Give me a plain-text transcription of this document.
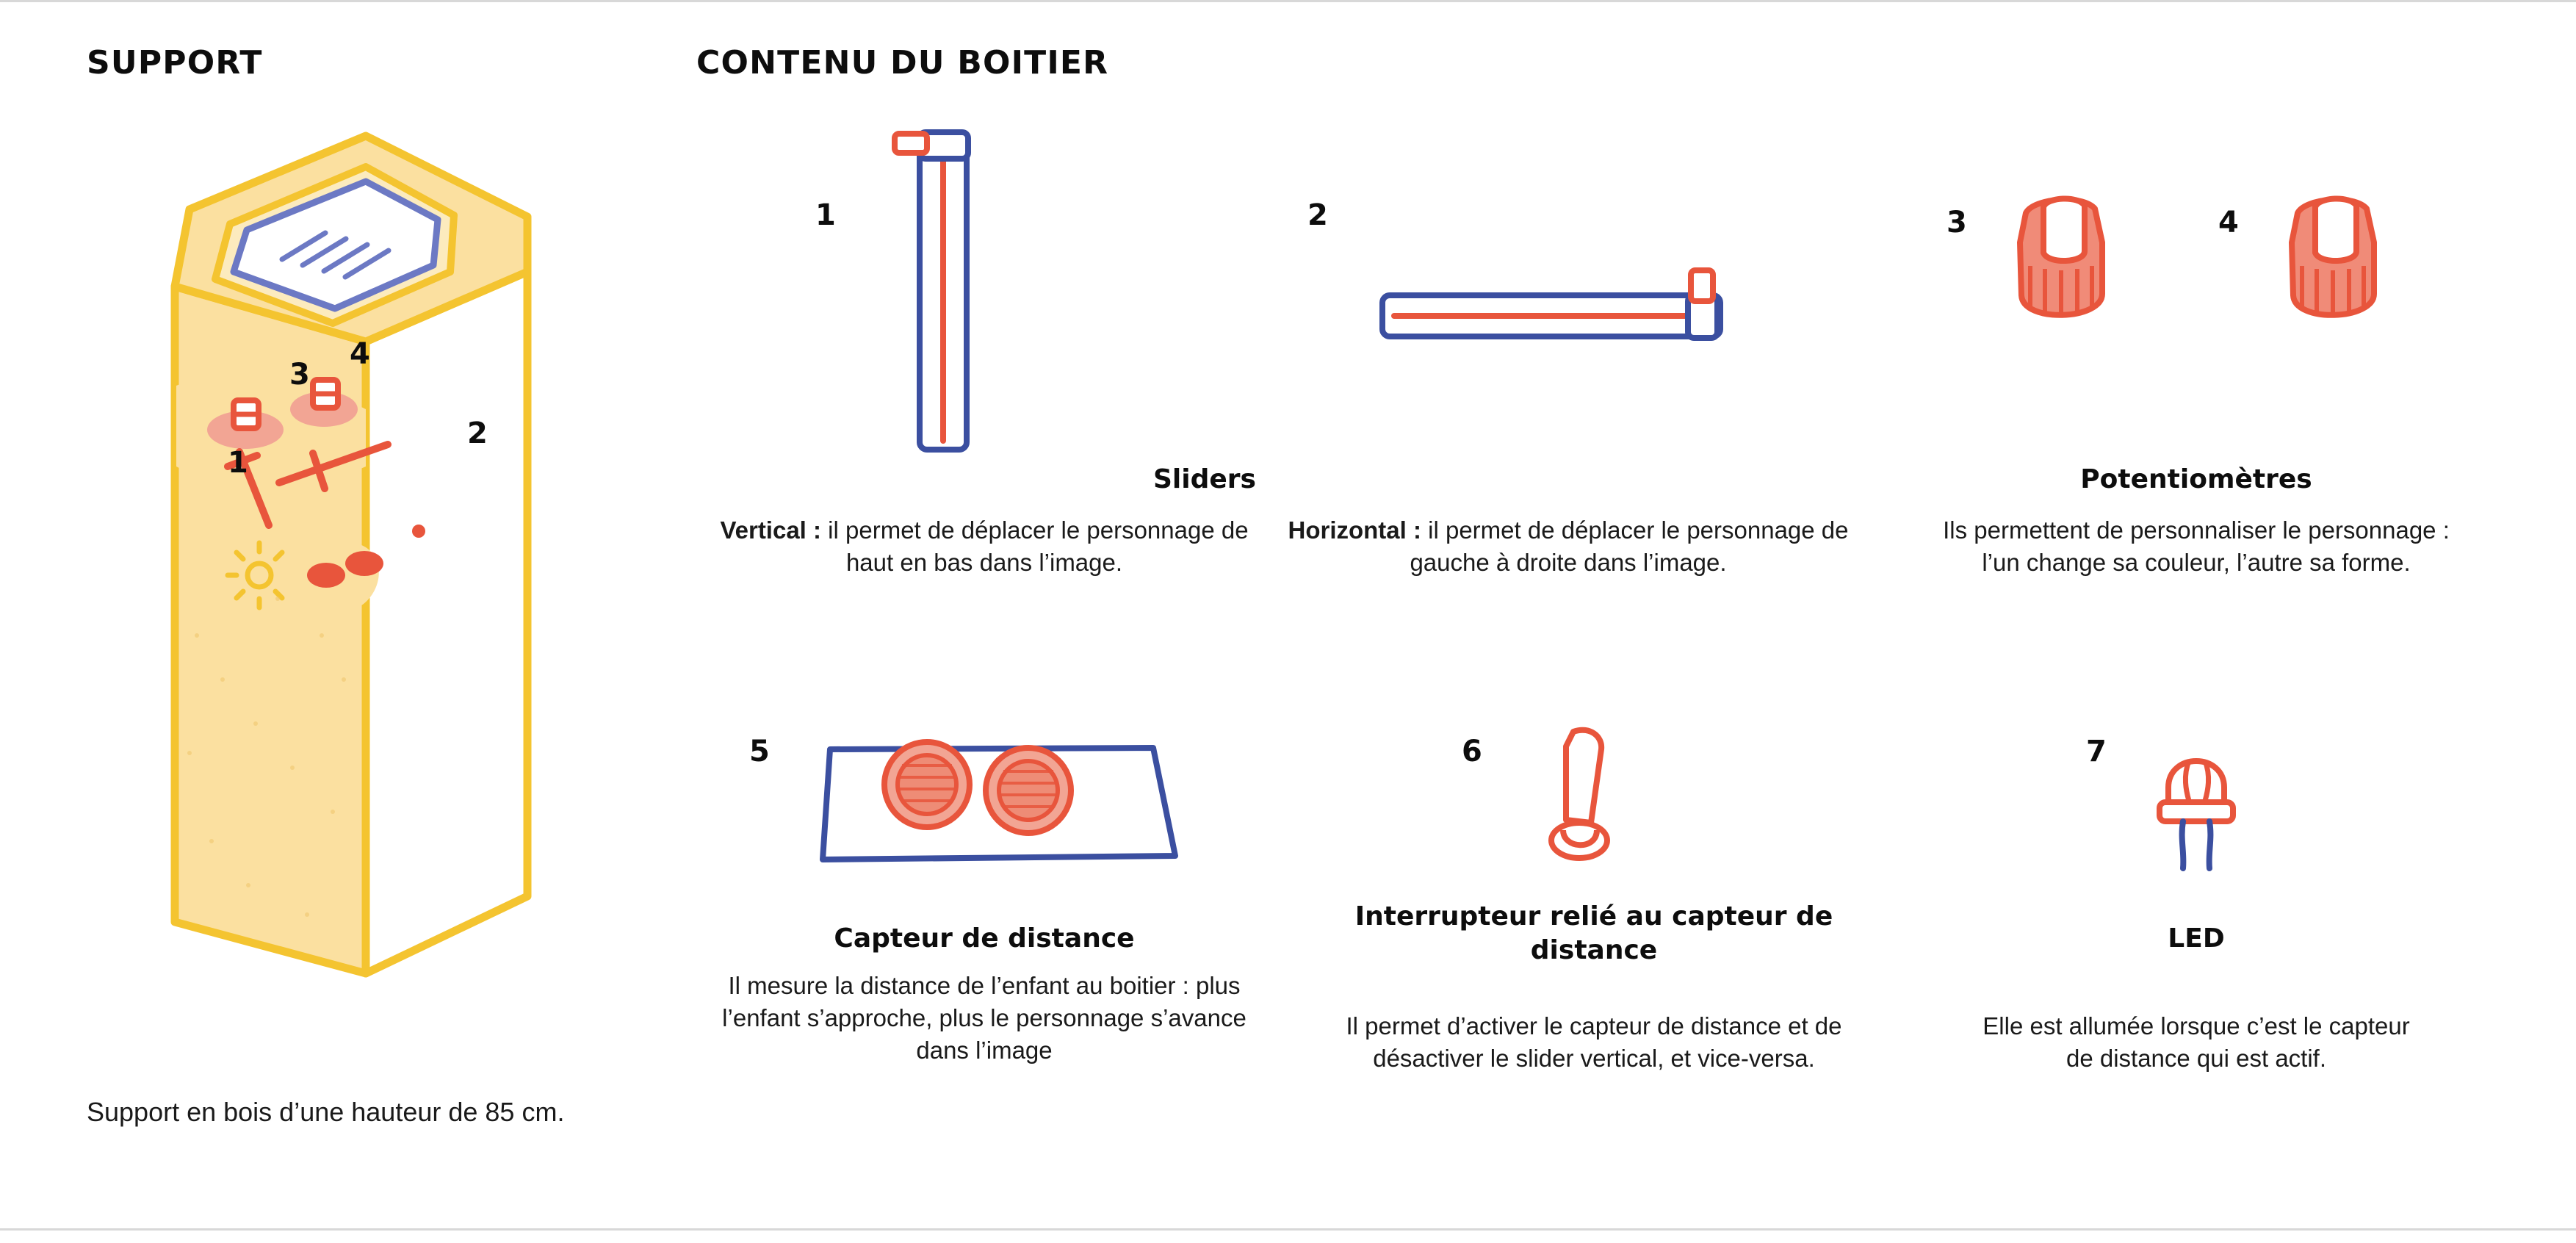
SUPPORT
1
2
3
4
Support en bois d’une hauteur de 85 cm.
CONTENU DU BOITIER
1	2	3	4
Sliders
Vertical : il permet de déplacer le personnage de haut en bas dans l’image.
Horizontal : il permet de déplacer le personnage de gauche à droite dans l’image.
Potentiomètres
Ils permettent de personnaliser le personnage :
l’un change sa couleur, l’autre sa forme.
5	6	7
Capteur de distance
Il mesure la distance de l’enfant au boitier : plus l’enfant s’approche, plus le personnage s’avance dans l’image
Interrupteur relié au capteur de distance
Il permet d’activer le capteur de distance et de désactiver le slider vertical, et vice-versa.
LED
Elle est allumée lorsque c’est le capteur de distance qui est actif.
